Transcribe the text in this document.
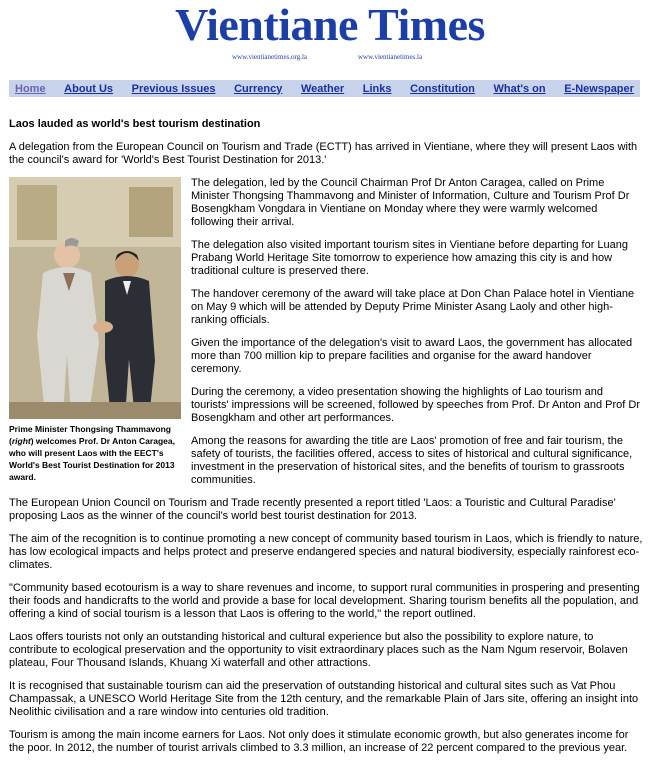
Vientiane Times
www.vientianetimes.org.la	www.vientianetimes.la
Home About Us Previous Issues Currency Weather Links Constitution What's on E-Newspaper
Laos lauded as world's best tourism destination

A delegation from the European Council on Tourism and Trade (ECTT) has arrived in Vientiane, where they will present Laos with the council's award for 'World's Best Tourist Destination for 2013.'

Prime Minister Thongsing Thammavong (right) welcomes Prof. Dr Anton Caragea, who will present Laos with the EECT's World's Best Tourist Destination for 2013 award.

The delegation, led by the Council Chairman Prof Dr Anton Caragea, called on Prime Minister Thongsing Thammavong and Minister of Information, Culture and Tourism Prof Dr Bosengkham Vongdara in Vientiane on Monday where they were warmly welcomed following their arrival.

The delegation also visited important tourism sites in Vientiane before departing for Luang Prabang World Heritage Site tomorrow to experience how amazing this city is and how traditional culture is preserved there.

The handover ceremony of the award will take place at Don Chan Palace hotel in Vientiane on May 9 which will be attended by Deputy Prime Minister Asang Laoly and other high-ranking officials.

Given the importance of the delegation's visit to award Laos, the government has allocated more than 700 million kip to prepare facilities and organise for the award handover ceremony.

During the ceremony, a video presentation showing the highlights of Lao tourism and tourists' impressions will be screened, followed by speeches from Prof. Dr Anton and Prof Dr Bosengkham and other art performances.

Among the reasons for awarding the title are Laos' promotion of free and fair tourism, the safety of tourists, the facilities offered, access to sites of historical and cultural significance, investment in the preservation of historical sites, and the benefits of tourism to grassroots communities.

The European Union Council on Tourism and Trade recently presented a report titled 'Laos: a Touristic and Cultural Paradise' proposing Laos as the winner of the council's world best tourist destination for 2013.

The aim of the recognition is to continue promoting a new concept of community based tourism in Laos, which is friendly to nature, has low ecological impacts and helps protect and preserve endangered species and natural biodiversity, especially rainforest eco-climates.

"Community based ecotourism is a way to share revenues and income, to support rural communities in prospering and presenting their foods and handicrafts to the world and provide a base for local development. Sharing tourism benefits all the population, and offering a kind of social tourism is a lesson that Laos is offering to the world," the report outlined.

Laos offers tourists not only an outstanding historical and cultural experience but also the possibility to explore nature, to contribute to ecological preservation and the opportunity to visit extraordinary places such as the Nam Ngum reservoir, Bolaven plateau, Four Thousand Islands, Khuang Xi waterfall and other attractions.

It is recognised that sustainable tourism can aid the preservation of outstanding historical and cultural sites such as Vat Phou Champassak, a UNESCO World Heritage Site from the 12th century, and the remarkable Plain of Jars site, offering an insight into Neolithic civilisation and a rare window into centuries old tradition.

Tourism is among the main income earners for Laos. Not only does it stimulate economic growth, but also generates income for the poor. In 2012, the number of tourist arrivals climbed to 3.3 million, an increase of 22 percent compared to the previous year.
